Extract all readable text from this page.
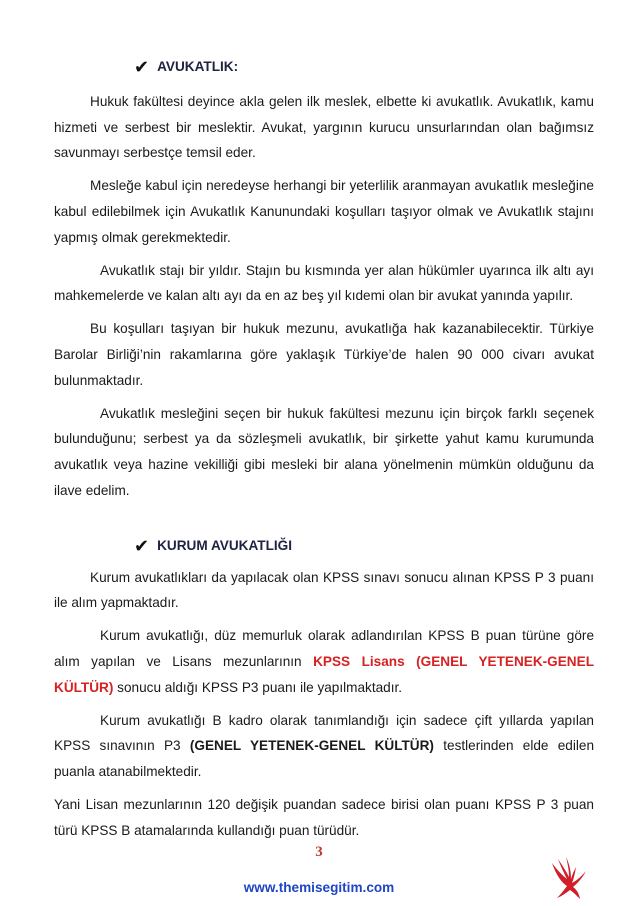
✔ AVUKATLIK:

Hukuk fakültesi deyince akla gelen ilk meslek, elbette ki avukatlık. Avukatlık, kamu hizmeti ve serbest bir meslektir. Avukat, yargının kurucu unsurlarından olan bağımsız savunmayı serbestçe temsil eder.

Mesleğe kabul için neredeyse herhangi bir yeterlilik aranmayan avukatlık mesleğine kabul edilebilmek için Avukatlık Kanunundaki koşulları taşıyor olmak ve Avukatlık stajını yapmış olmak gerekmektedir.

Avukatlık stajı bir yıldır. Stajın bu kısmında yer alan hükümler uyarınca ilk altı ayı mahkemelerde ve kalan altı ayı da en az beş yıl kıdemi olan bir avukat yanında yapılır.

Bu koşulları taşıyan bir hukuk mezunu, avukatlığa hak kazanabilecektir. Türkiye Barolar Birliği’nin rakamlarına göre yaklaşık Türkiye’de halen 90 000 civarı avukat bulunmaktadır.

Avukatlık mesleğini seçen bir hukuk fakültesi mezunu için birçok farklı seçenek bulunduğunu; serbest ya da sözleşmeli avukatlık, bir şirkette yahut kamu kurumunda avukatlık veya hazine vekilliği gibi mesleki bir alana yönelmenin mümkün olduğunu da ilave edelim.

✔ KURUM AVUKATLIĞI

Kurum avukatlıkları da yapılacak olan KPSS sınavı sonucu alınan KPSS P 3 puanı ile alım yapmaktadır.

Kurum avukatlığı, düz memurluk olarak adlandırılan KPSS B puan türüne göre alım yapılan ve Lisans mezunlarının KPSS Lisans (GENEL YETENEK-GENEL KÜLTÜR) sonucu aldığı KPSS P3 puanı ile yapılmaktadır.

Kurum avukatlığı B kadro olarak tanımlandığı için sadece çift yıllarda yapılan KPSS sınavının P3 (GENEL YETENEK-GENEL KÜLTÜR) testlerinden elde edilen puanla atanabilmektedir.

Yani Lisan mezunlarının 120 değişik puandan sadece birisi olan puanı KPSS P 3 puan türü KPSS B atamalarında kullandığı puan türüdür.

3
www.themisegitim.com
